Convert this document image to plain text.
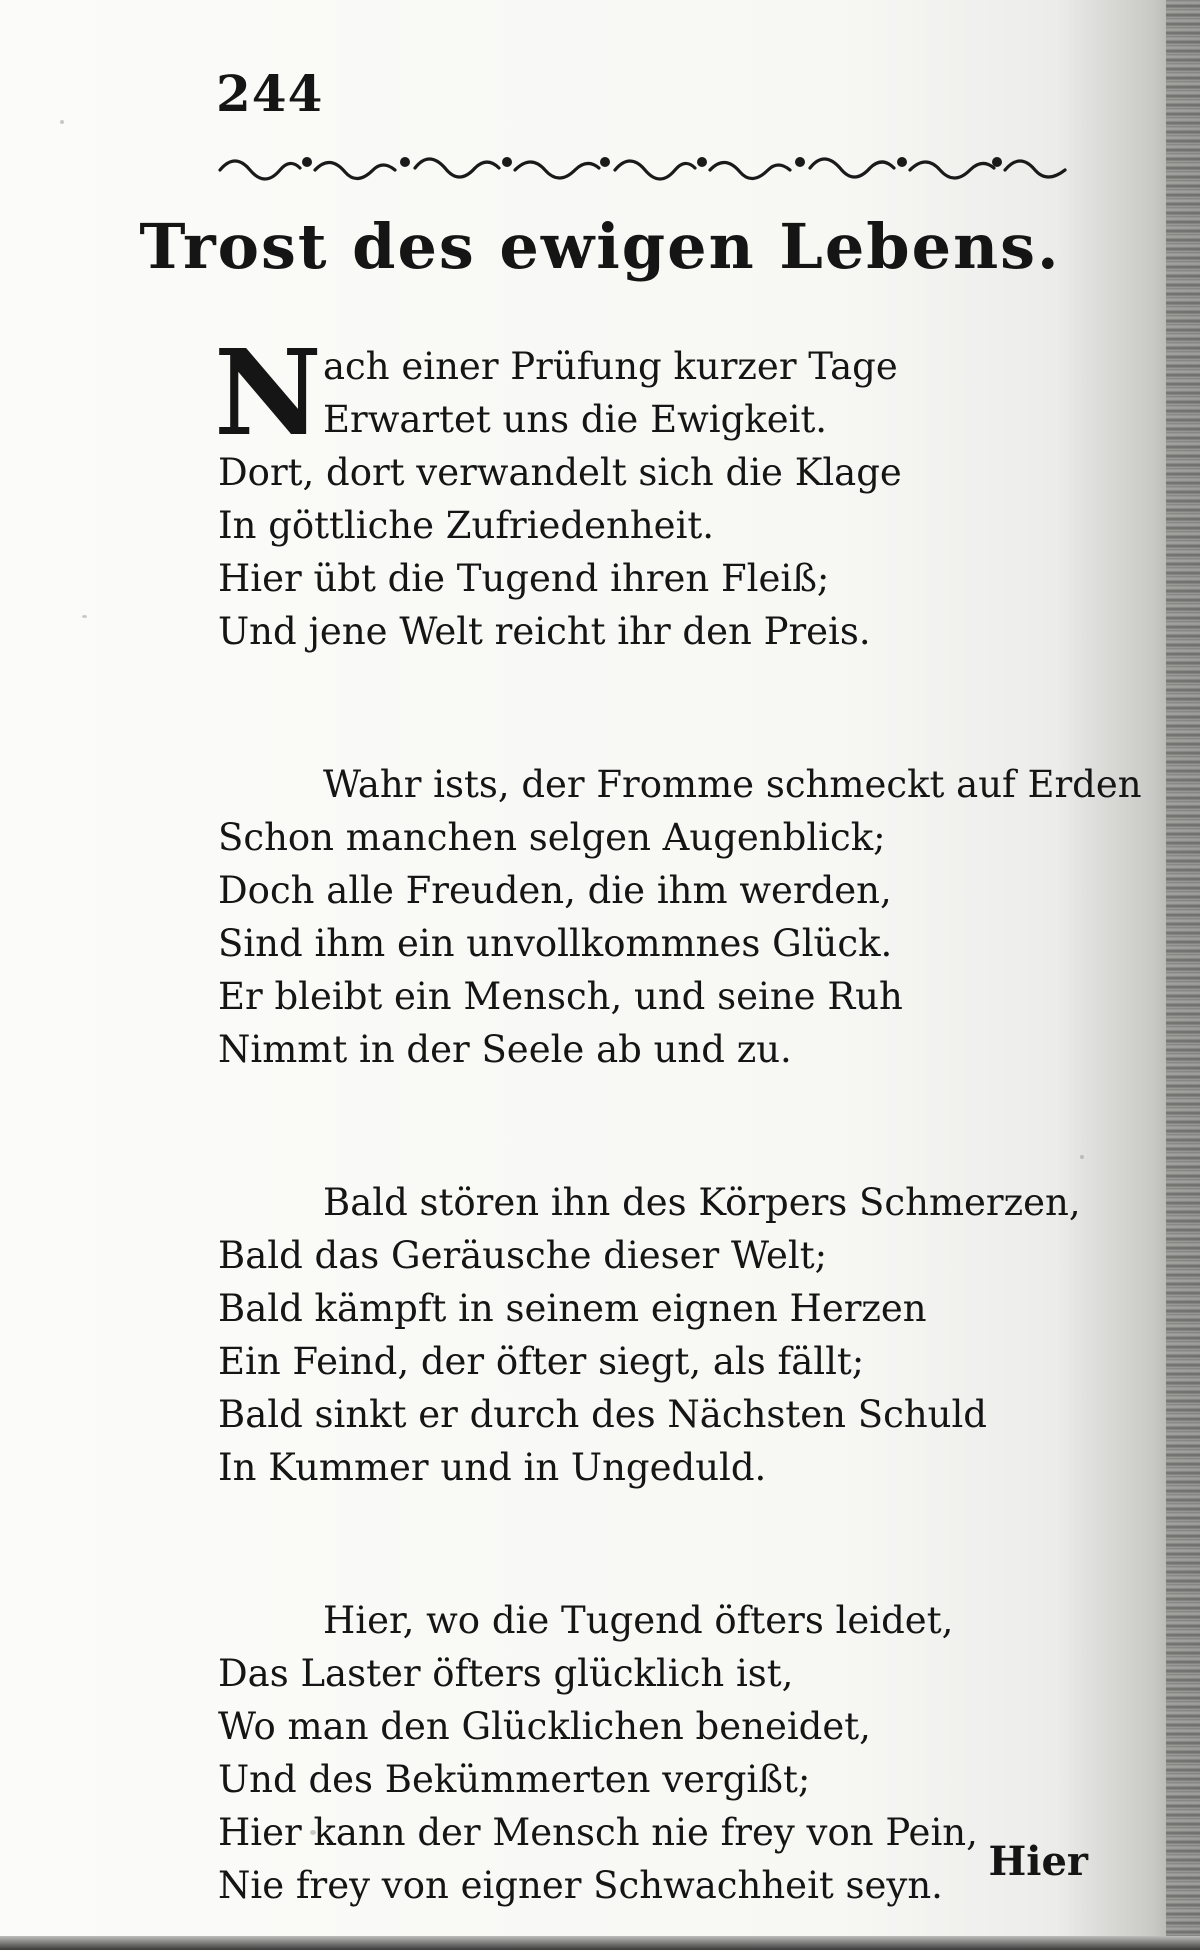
244
Trost des ewigen Lebens.
N ach einer Prüfung kurzer Tage
Erwartet uns die Ewigkeit.
Dort, dort verwandelt sich die Klage
In göttliche Zufriedenheit.
Hier übt die Tugend ihren Fleiß;
Und jene Welt reicht ihr den Preis.
Wahr ists, der Fromme schmeckt auf Erden
Schon manchen selgen Augenblick;
Doch alle Freuden, die ihm werden,
Sind ihm ein unvollkommnes Glück.
Er bleibt ein Mensch, und seine Ruh
Nimmt in der Seele ab und zu.
Bald stören ihn des Körpers Schmerzen,
Bald das Geräusche dieser Welt;
Bald kämpft in seinem eignen Herzen
Ein Feind, der öfter siegt, als fällt;
Bald sinkt er durch des Nächsten Schuld
In Kummer und in Ungeduld.
Hier, wo die Tugend öfters leidet,
Das Laster öfters glücklich ist,
Wo man den Glücklichen beneidet,
Und des Bekümmerten vergißt;
Hier kann der Mensch nie frey von Pein,
Nie frey von eigner Schwachheit seyn.
Hier
